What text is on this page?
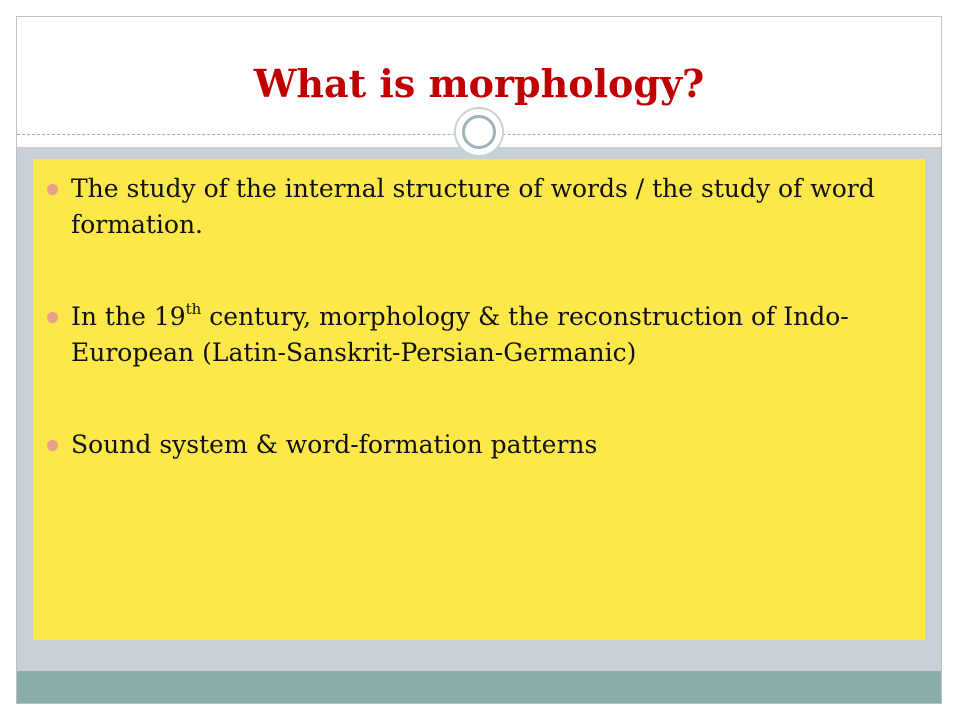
What is morphology?
The study of the internal structure of words / the study of word formation.
In the 19th century, morphology & the reconstruction of Indo-European (Latin-Sanskrit-Persian-Germanic)
Sound system & word-formation patterns
